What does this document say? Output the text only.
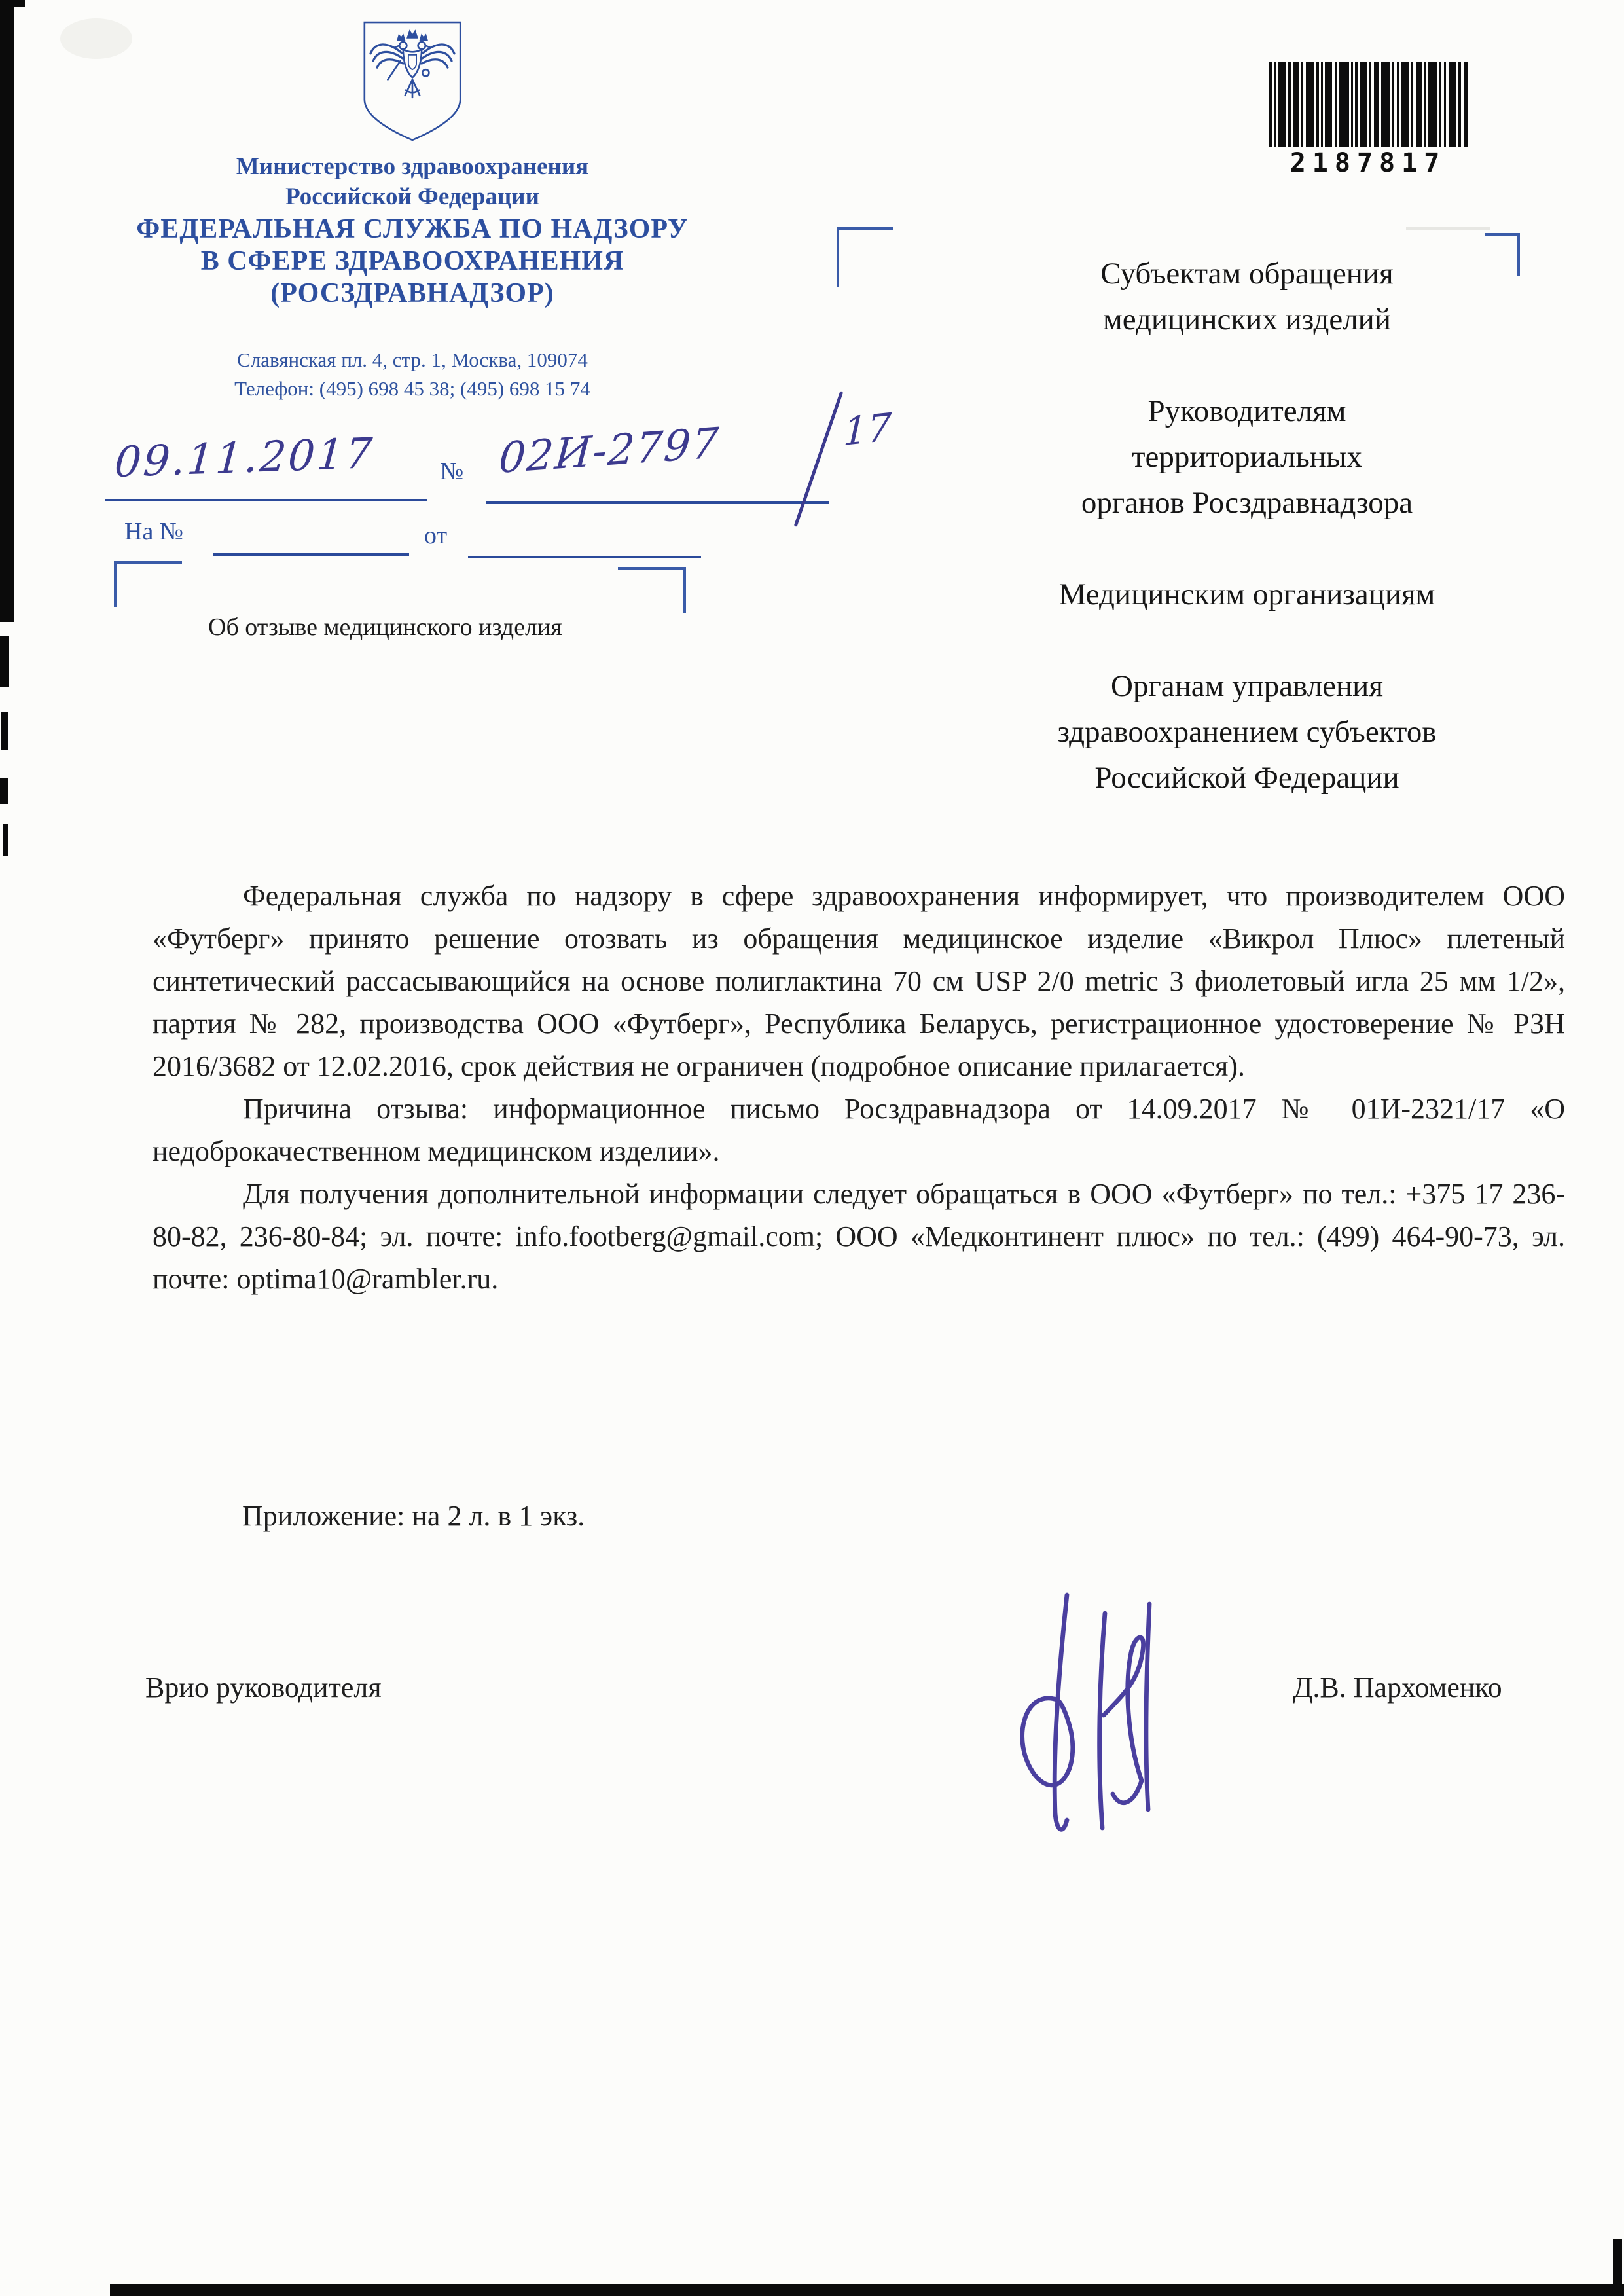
Министерство здравоохранения
Российской Федерации
ФЕДЕРАЛЬНАЯ СЛУЖБА ПО НАДЗОРУ
В СФЕРЕ ЗДРАВООХРАНЕНИЯ
(РОСЗДРАВНАДЗОР)
Славянская пл. 4, стр. 1, Москва, 109074
Телефон: (495) 698 45 38; (495) 698 15 74
2187817
09.11.2017	№ 02И-2797	17
На №	от
Об отзыве медицинского изделия
Субъектам обращения
медицинских изделий
Руководителям
территориальных
органов Росздравнадзора
Медицинским организациям
Органам управления
здравоохранением субъектов
Российской Федерации

Федеральная служба по надзору в сфере здравоохранения информирует, что производителем ООО «Футберг» принято решение отозвать из обращения медицинское изделие «Викрол Плюс» плетеный синтетический рассасывающийся на основе полиглактина 70 см USP 2/0 metric 3 фиолетовый игла 25 мм 1/2», партия № 282, производства ООО «Футберг», Республика Беларусь, регистрационное удостоверение № РЗН 2016/3682 от 12.02.2016, срок действия не ограничен (подробное описание прилагается).

Причина отзыва: информационное письмо Росздравнадзора от 14.09.2017 № 01И-2321/17 «О недоброкачественном медицинском изделии».

Для получения дополнительной информации следует обращаться в ООО «Футберг» по тел.: +375 17 236-80-82, 236-80-84; эл. почте: info.footberg@gmail.com; ООО «Медконтинент плюс» по тел.: (499) 464-90-73, эл. почте: optima10@rambler.ru.

Приложение: на 2 л. в 1 экз.
Врио руководителя	Д.В. Пархоменко
